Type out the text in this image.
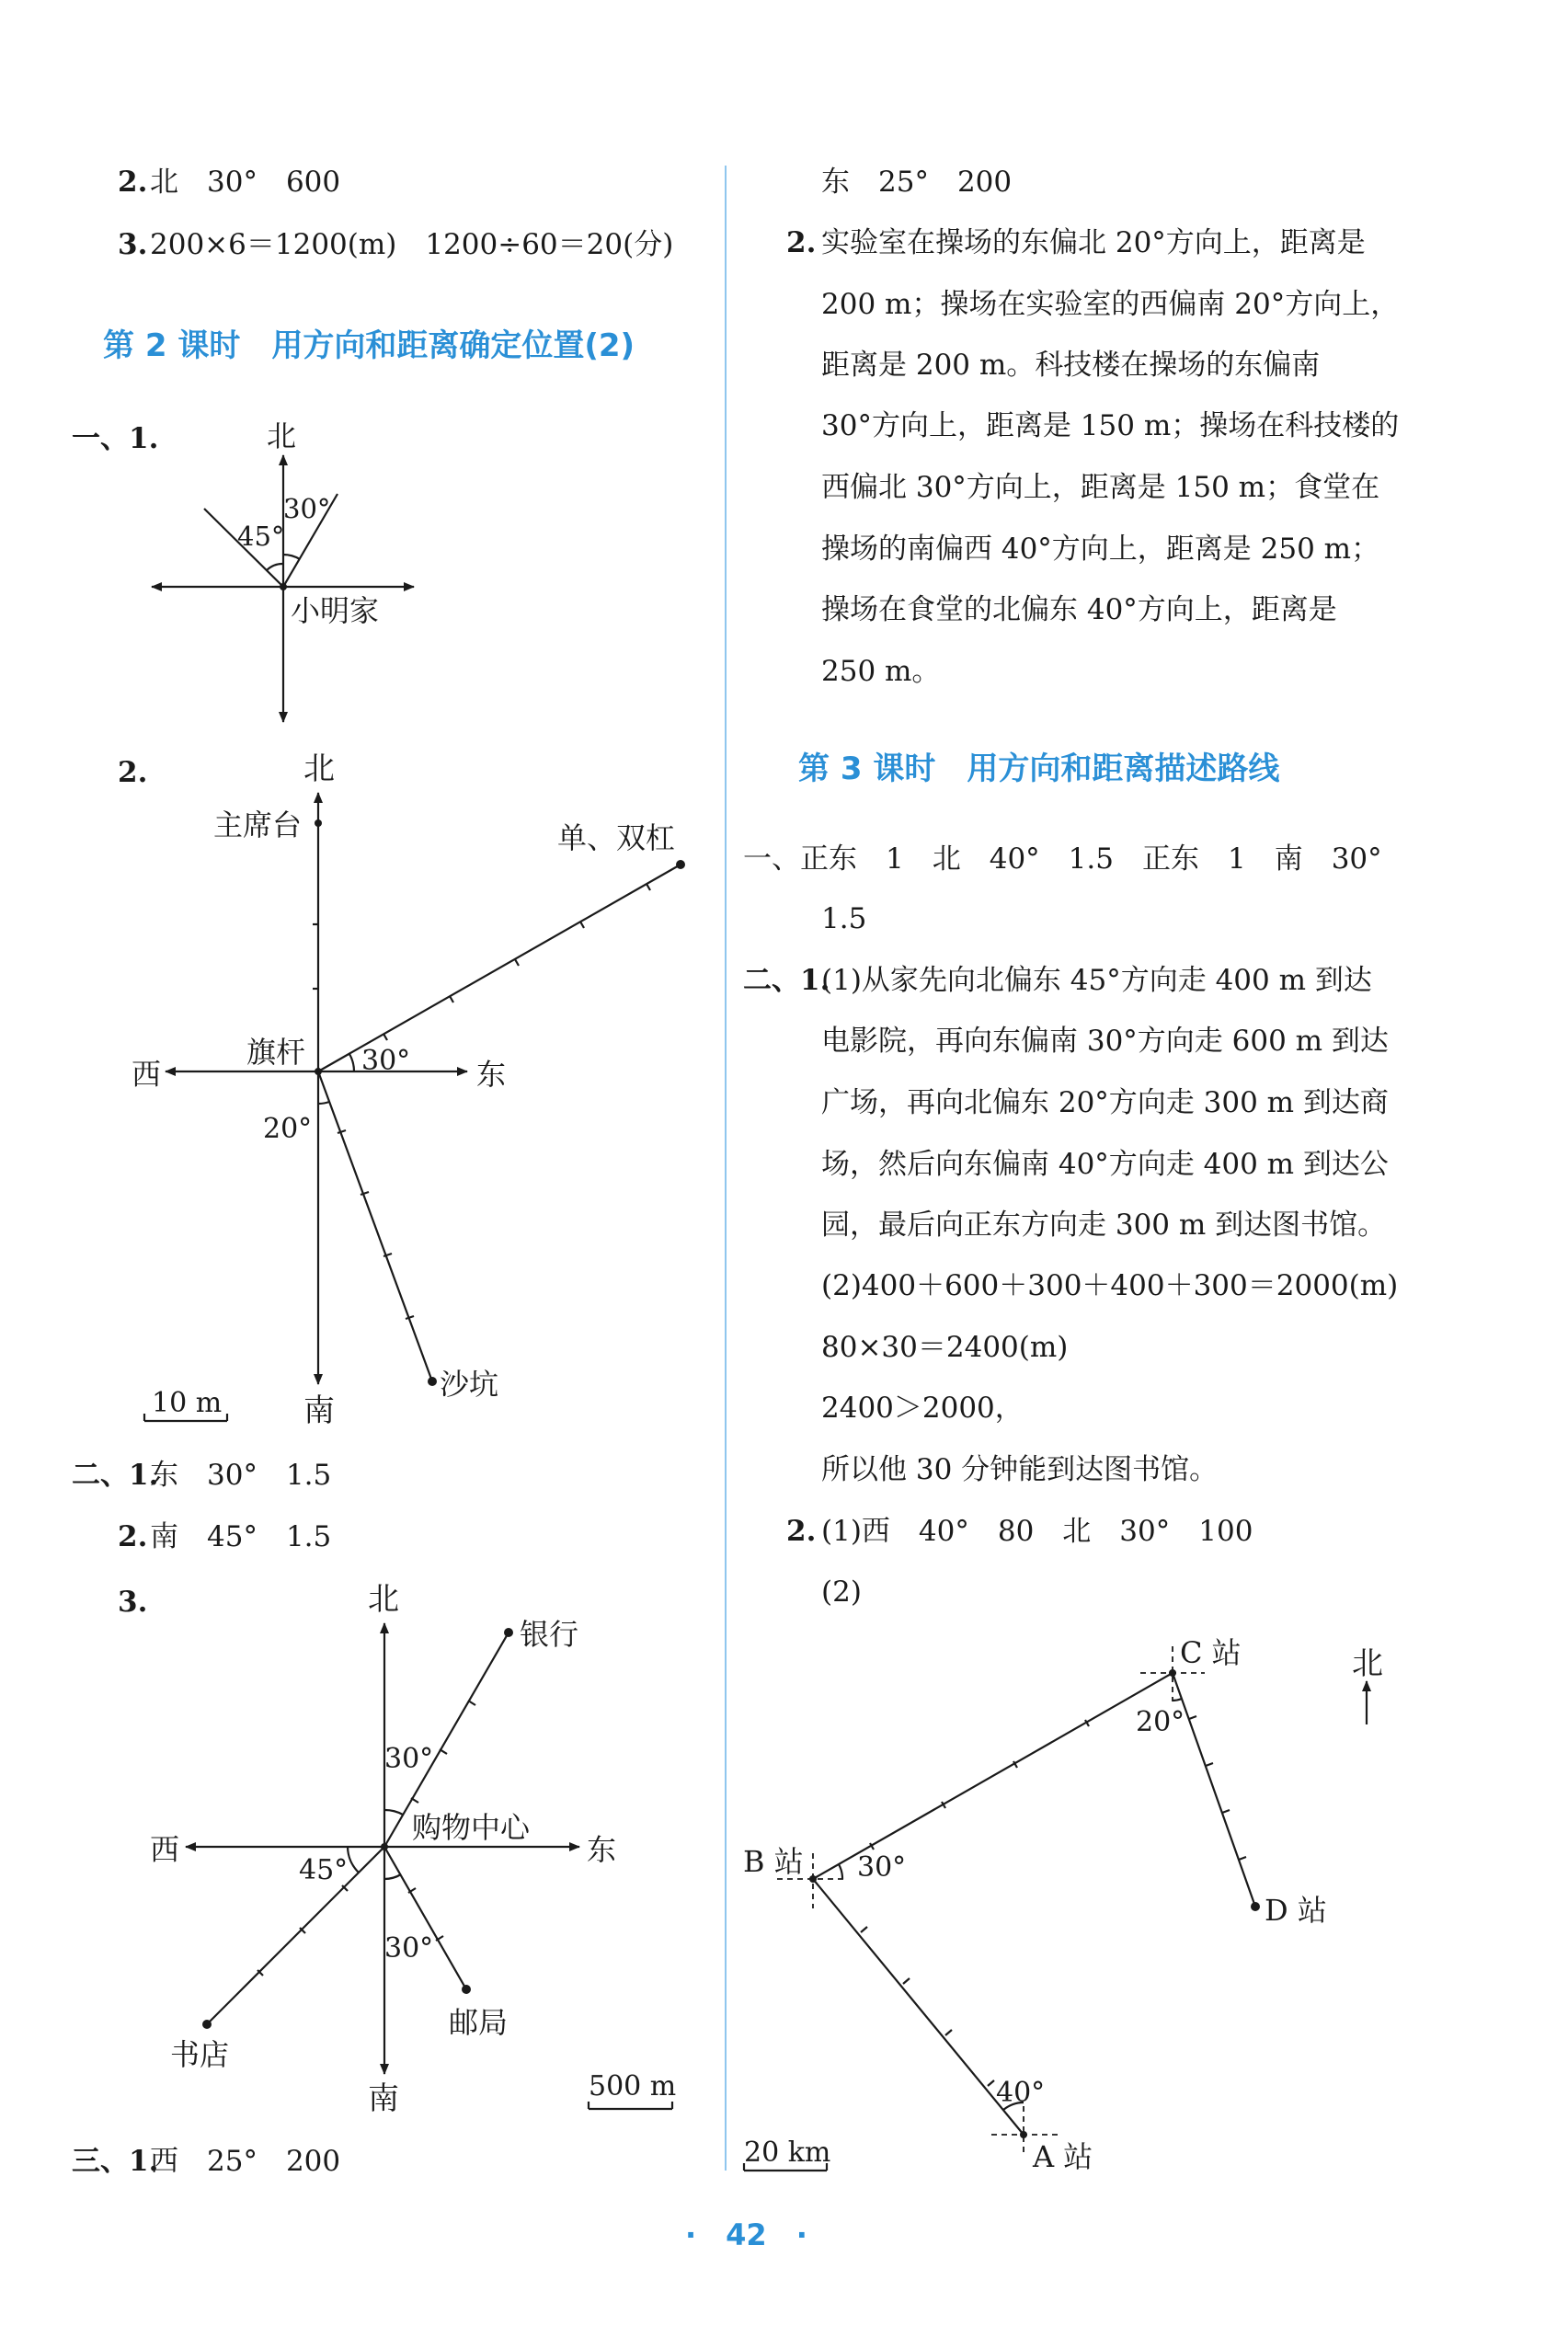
2. 北　30°　600
3. 200×6＝1200(m)　1200÷60＝20(分)
第 2 课时　用方向和距离确定位置(2)
一、1.	北
30°
45°
小明家
2.	北
主席台	单、双杠
旗杆 30° 东
西
20°
沙坑
南
10 m
二、1.
东　30°　1.5
2. 南　45°　1.5
3.	北
银行
30°
购物中心
东
西
45°
30°
邮局
书店
南	500 m
三、1.
西　25°　200
东　25°　200
2. 实验室在操场的东偏北 20°方向上，距离是
200 m；操场在实验室的西偏南 20°方向上，
距离是 200 m。科技楼在操场的东偏南
30°方向上，距离是 150 m；操场在科技楼的
西偏北 30°方向上，距离是 150 m；食堂在
操场的南偏西 40°方向上，距离是 250 m；
操场在食堂的北偏东 40°方向上，距离是
250 m。
第 3 课时　用方向和距离描述路线
一、正东　1　北　40°　1.5　正东　1　南　30°
1.5
二、1.
(1)从家先向北偏东 45°方向走 400 m 到达
电影院，再向东偏南 30°方向走 600 m 到达
广场，再向北偏东 20°方向走 300 m 到达商
场，然后向东偏南 40°方向走 400 m 到达公
园，最后向正东方向走 300 m 到达图书馆。
(2)400＋600＋300＋400＋300＝2000(m)
80×30＝2400(m)
2400＞2000，
所以他 30 分钟能到达图书馆。
2. (1)西　40°　80　北　30°　100
(2)
C 站	北
20°
B 站 30°
D 站
40°
A 站
20 km
·　42　·
